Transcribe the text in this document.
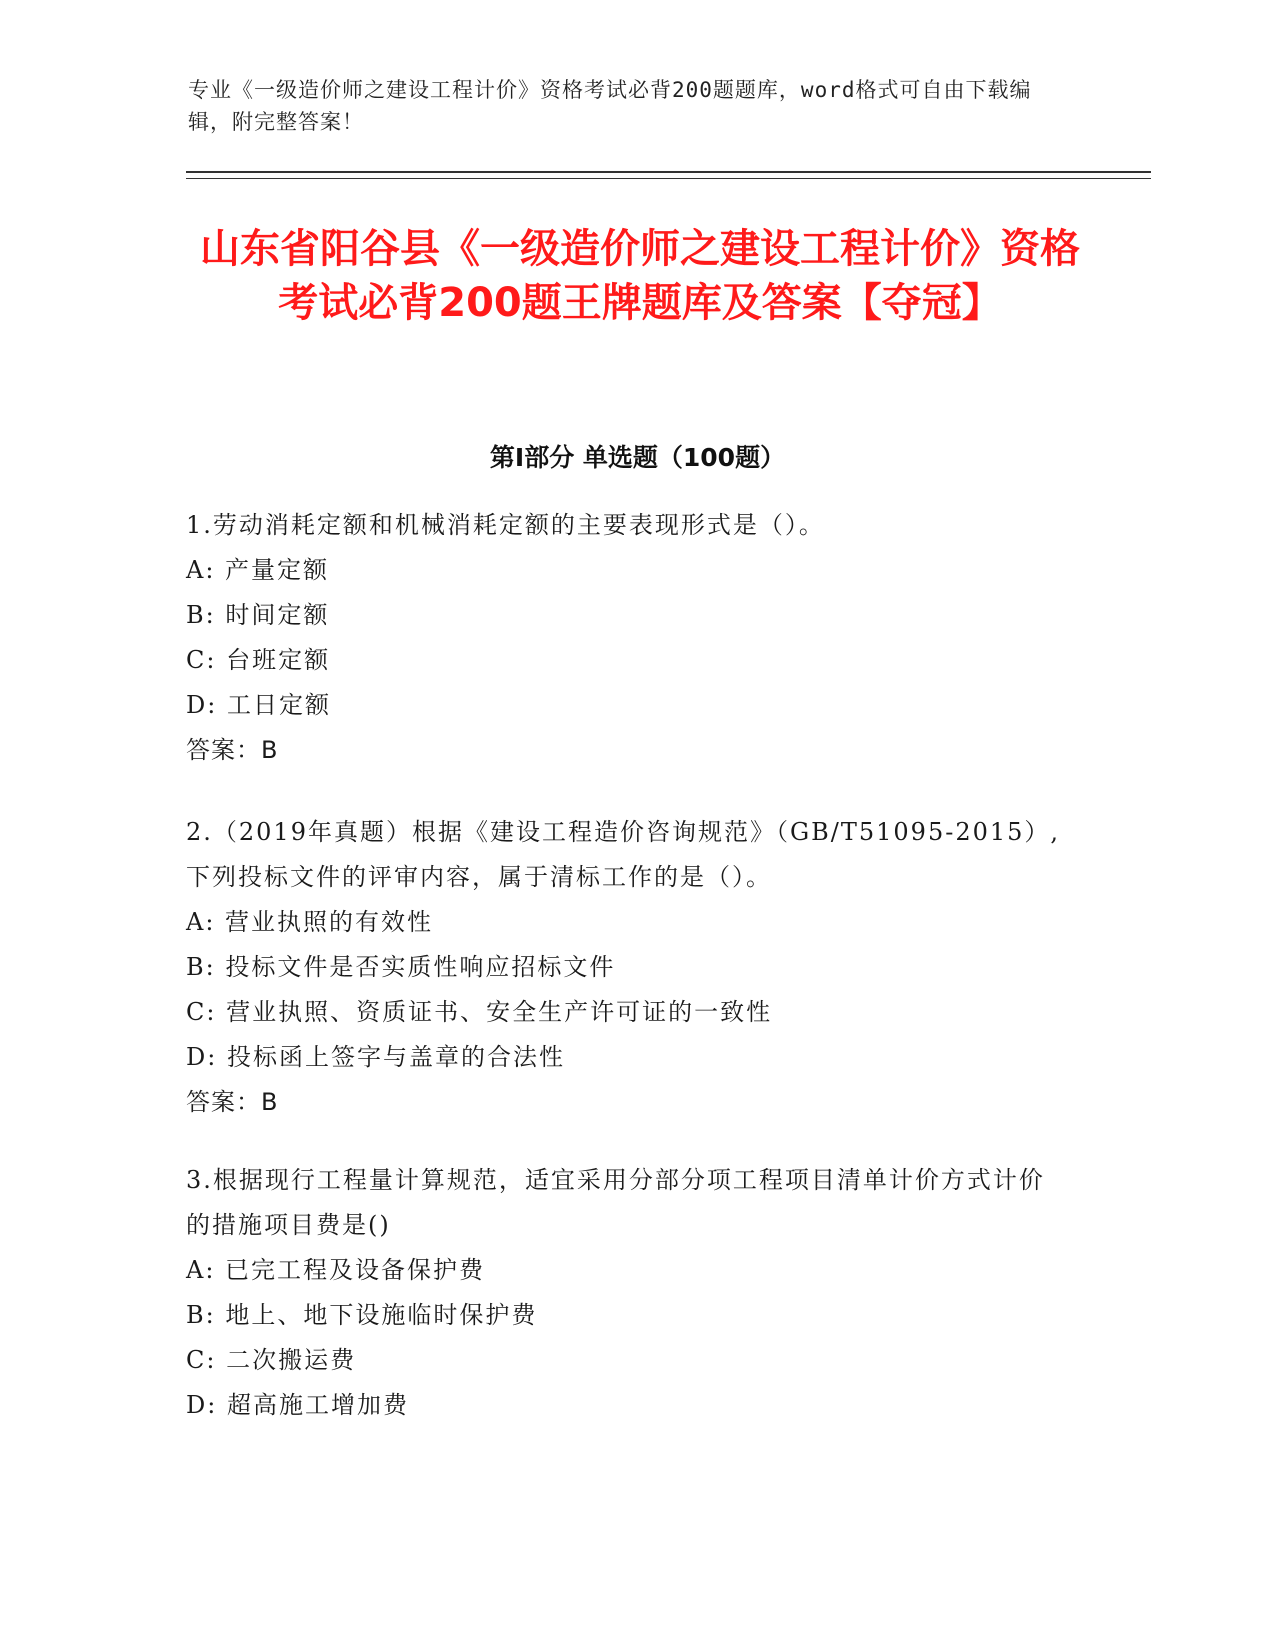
专业《一级造价师之建设工程计价》资格考试必背200题题库，word格式可自由下载编辑，附完整答案！
山东省阳谷县《一级造价师之建设工程计价》资格考试必背200题王牌题库及答案【夺冠】
第Ⅰ部分 单选题（100题）
1.劳动消耗定额和机械消耗定额的主要表现形式是（）。
A: 产量定额
B: 时间定额
C: 台班定额
D: 工日定额
答案：B
2.（2019年真题）根据《建设工程造价咨询规范》（GB/T51095-2015）,下列投标文件的评审内容，属于清标工作的是（）。
A: 营业执照的有效性
B: 投标文件是否实质性响应招标文件
C: 营业执照、资质证书、安全生产许可证的一致性
D: 投标函上签字与盖章的合法性
答案：B
3.根据现行工程量计算规范，适宜采用分部分项工程项目清单计价方式计价的措施项目费是()
A: 已完工程及设备保护费
B: 地上、地下设施临时保护费
C: 二次搬运费
D: 超高施工增加费
